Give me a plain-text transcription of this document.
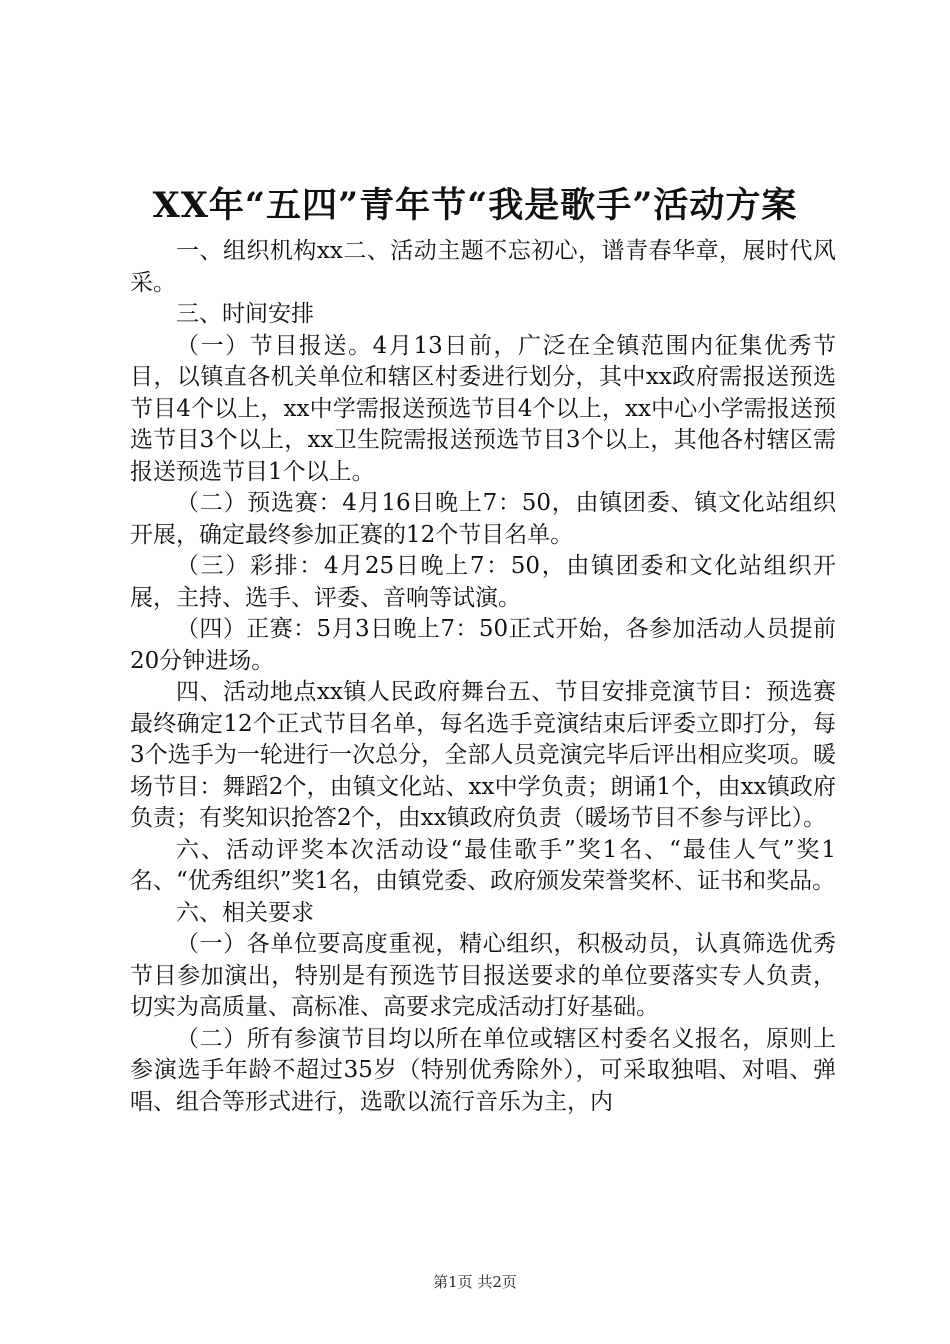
XX年“五四”青年节“我是歌手”活动方案

一、组织机构xx二、活动主题不忘初心，谱青春华章，展时代风采。

三、时间安排

（一）节目报送。4月13日前，广泛在全镇范围内征集优秀节目，以镇直各机关单位和辖区村委进行划分，其中xx政府需报送预选节目4个以上，xx中学需报送预选节目4个以上，xx中心小学需报送预选节目3个以上，xx卫生院需报送预选节目3个以上，其他各村辖区需报送预选节目1个以上。

（二）预选赛：4月16日晚上7：50，由镇团委、镇文化站组织开展，确定最终参加正赛的12个节目名单。

（三）彩排：4月25日晚上7：50，由镇团委和文化站组织开展，主持、选手、评委、音响等试演。

（四）正赛：5月3日晚上7：50正式开始，各参加活动人员提前20分钟进场。

四、活动地点xx镇人民政府舞台五、节目安排竞演节目：预选赛最终确定12个正式节目名单，每名选手竞演结束后评委立即打分，每3个选手为一轮进行一次总分，全部人员竞演完毕后评出相应奖项。暖场节目：舞蹈2个，由镇文化站、xx中学负责；朗诵1个，由xx镇政府负责；有奖知识抢答2个，由xx镇政府负责（暖场节目不参与评比）。

六、活动评奖本次活动设“最佳歌手”奖1名、“最佳人气”奖1名、“优秀组织”奖1名，由镇党委、政府颁发荣誉奖杯、证书和奖品。

六、相关要求

（一）各单位要高度重视，精心组织，积极动员，认真筛选优秀节目参加演出，特别是有预选节目报送要求的单位要落实专人负责，切实为高质量、高标准、高要求完成活动打好基础。

（二）所有参演节目均以所在单位或辖区村委名义报名，原则上参演选手年龄不超过35岁（特别优秀除外），可采取独唱、对唱、弹唱、组合等形式进行，选歌以流行音乐为主，内

第1页 共2页
